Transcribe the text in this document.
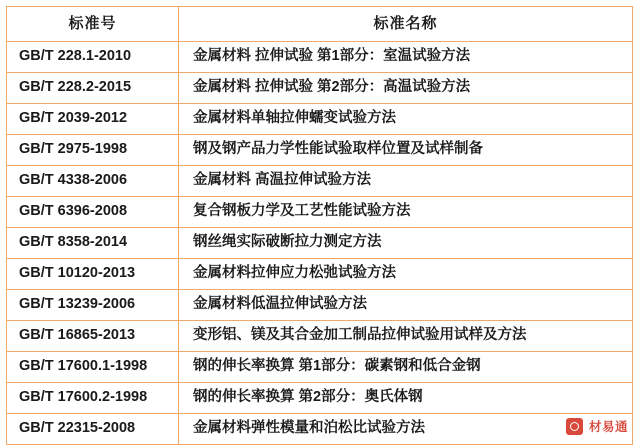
标准号	标准名称
GB/T 228.1-2010	金属材料 拉伸试验 第1部分：室温试验方法
GB/T 228.2-2015	金属材料 拉伸试验 第2部分：高温试验方法
GB/T 2039-2012	金属材料单轴拉伸蠕变试验方法
GB/T 2975-1998	钢及钢产品力学性能试验取样位置及试样制备
GB/T 4338-2006	金属材料 高温拉伸试验方法
GB/T 6396-2008	复合钢板力学及工艺性能试验方法
GB/T 8358-2014	钢丝绳实际破断拉力测定方法
GB/T 10120-2013	金属材料拉伸应力松弛试验方法
GB/T 13239-2006	金属材料低温拉伸试验方法
GB/T 16865-2013	变形铝、镁及其合金加工制品拉伸试验用试样及方法
GB/T 17600.1-1998	钢的伸长率换算 第1部分：碳素钢和低合金钢
GB/T 17600.2-1998	钢的伸长率换算 第2部分：奥氏体钢
GB/T 22315-2008	金属材料弹性模量和泊松比试验方法	材易通
